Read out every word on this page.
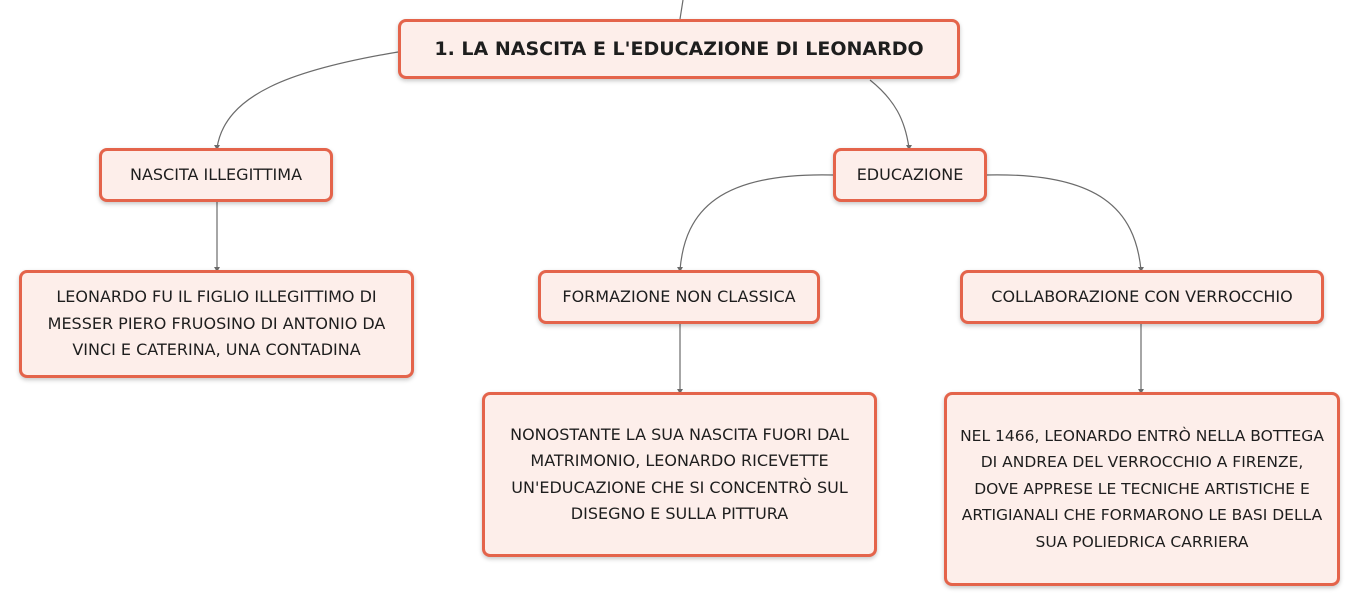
1. LA NASCITA E L'EDUCAZIONE DI LEONARDO
NASCITA ILLEGITTIMA	EDUCAZIONE
LEONARDO FU IL FIGLIO ILLEGITTIMO DI MESSER PIERO FRUOSINO DI ANTONIO DA VINCI E CATERINA, UNA CONTADINA
FORMAZIONE NON CLASSICA	COLLABORAZIONE CON VERROCCHIO
NONOSTANTE LA SUA NASCITA FUORI DAL MATRIMONIO, LEONARDO RICEVETTE UN'EDUCAZIONE CHE SI CONCENTRÒ SUL DISEGNO E SULLA PITTURA
NEL 1466, LEONARDO ENTRÒ NELLA BOTTEGA DI ANDREA DEL VERROCCHIO A FIRENZE, DOVE APPRESE LE TECNICHE ARTISTICHE E ARTIGIANALI CHE FORMARONO LE BASI DELLA SUA POLIEDRICA CARRIERA
